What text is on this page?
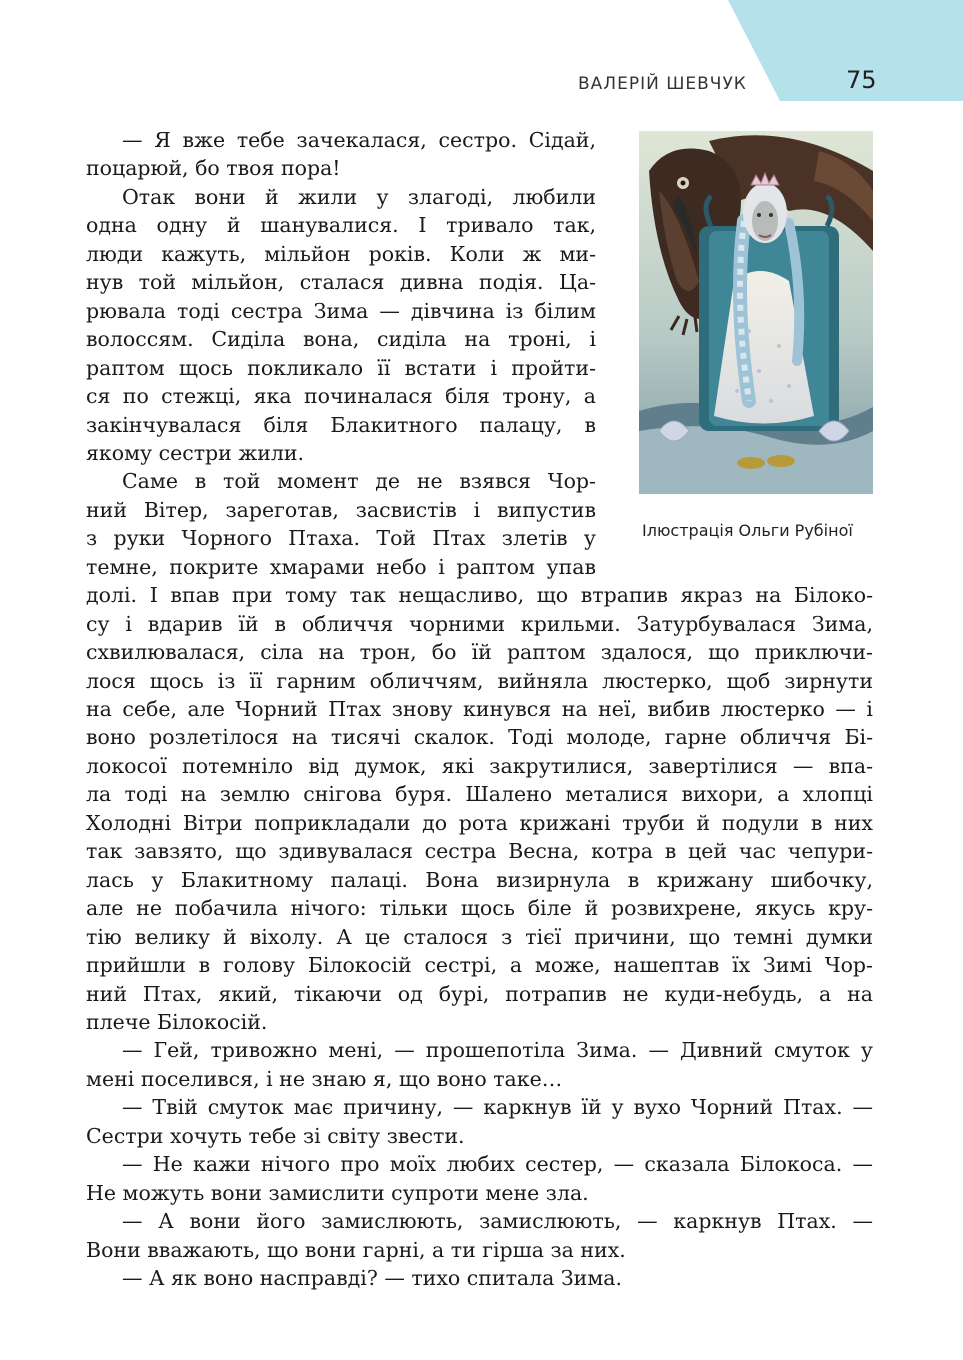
ВАЛЕРІЙ ШЕВЧУК	75
Ілюстрація Ольги Рубіної
— Я вже тебе зачекалася, сестро. Сідай,
поцарюй, бо твоя пора!
Отак вони й жили у злагоді, любили
одна одну й шанувалися. І тривало так,
люди кажуть, мільйон років. Коли ж ми-
нув той мільйон, сталася дивна подія. Ца-
рювала тоді сестра Зима — дівчина із білим
волоссям. Сиділа вона, сиділа на троні, і
раптом щось покликало її встати і пройти-
ся по стежці, яка починалася біля трону, а
закінчувалася біля Блакитного палацу, в
якому сестри жили.
Саме в той момент де не взявся Чор-
ний Вітер, зареготав, засвистів і випустив
з руки Чорного Птаха. Той Птах злетів у
темне, покрите хмарами небо і раптом упав
долі. І впав при тому так нещасливо, що втрапив якраз на Білоко-
су і вдарив їй в обличчя чорними крильми. Затурбувалася Зима,
схвилювалася, сіла на трон, бо їй раптом здалося, що приключи-
лося щось із її гарним обличчям, вийняла люстерко, щоб зирнути
на себе, але Чорний Птах знову кинувся на неї, вибив люстерко — і
воно розлетілося на тисячі скалок. Тоді молоде, гарне обличчя Бі-
локосої потемніло від думок, які закрутилися, завертілися — впа-
ла тоді на землю снігова буря. Шалено металися вихори, а хлопці
Холодні Вітри поприкладали до рота крижані труби й подули в них
так завзято, що здивувалася сестра Весна, котра в цей час чепури-
лась у Блакитному палаці. Вона визирнула в крижану шибочку,
але не побачила нічого: тільки щось біле й розвихрене, якусь кру-
тію велику й віхолу. А це сталося з тієї причини, що темні думки
прийшли в голову Білокосій сестрі, а може, нашептав їх Зимі Чор-
ний Птах, який, тікаючи од бурі, потрапив не куди-небудь, а на
плече Білокосій.
— Гей, тривожно мені, — прошепотіла Зима. — Дивний смуток у
мені поселився, і не знаю я, що воно таке…
— Твій смуток має причину, — каркнув їй у вухо Чорний Птах. —
Сестри хочуть тебе зі світу звести.
— Не кажи нічого про моїх любих сестер, — сказала Білокоса. —
Не можуть вони замислити супроти мене зла.
— А вони його замислюють, замислюють, — каркнув Птах. —
Вони вважають, що вони гарні, а ти гірша за них.
— А як воно насправді? — тихо спитала Зима.
